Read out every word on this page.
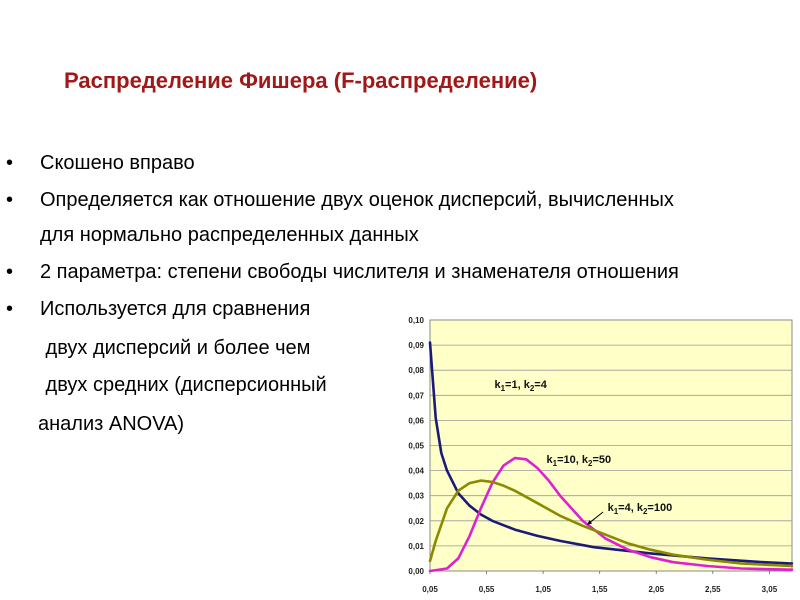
Распределение Фишера (F-распределение)
• Скошено вправо
• Определяется как отношение двух оценок дисперсий, вычисленных
для нормально распределенных данных
• 2 параметра: степени свободы числителя и знаменателя отношения
• Используется для сравнения
двух дисперсий и более чем
двух средних (дисперсионный
анализ ANOVA)
0,00
0,01
0,02
0,03
0,04
0,05
0,06
0,07
0,08
0,09
0,10
0,05	0,55	1,05	1,55	2,05	2,55	3,05
$k_1=1$, $k_2=4$
$k_1=10$, $k_2=50$
$k_1=4$, $k_2=100$
